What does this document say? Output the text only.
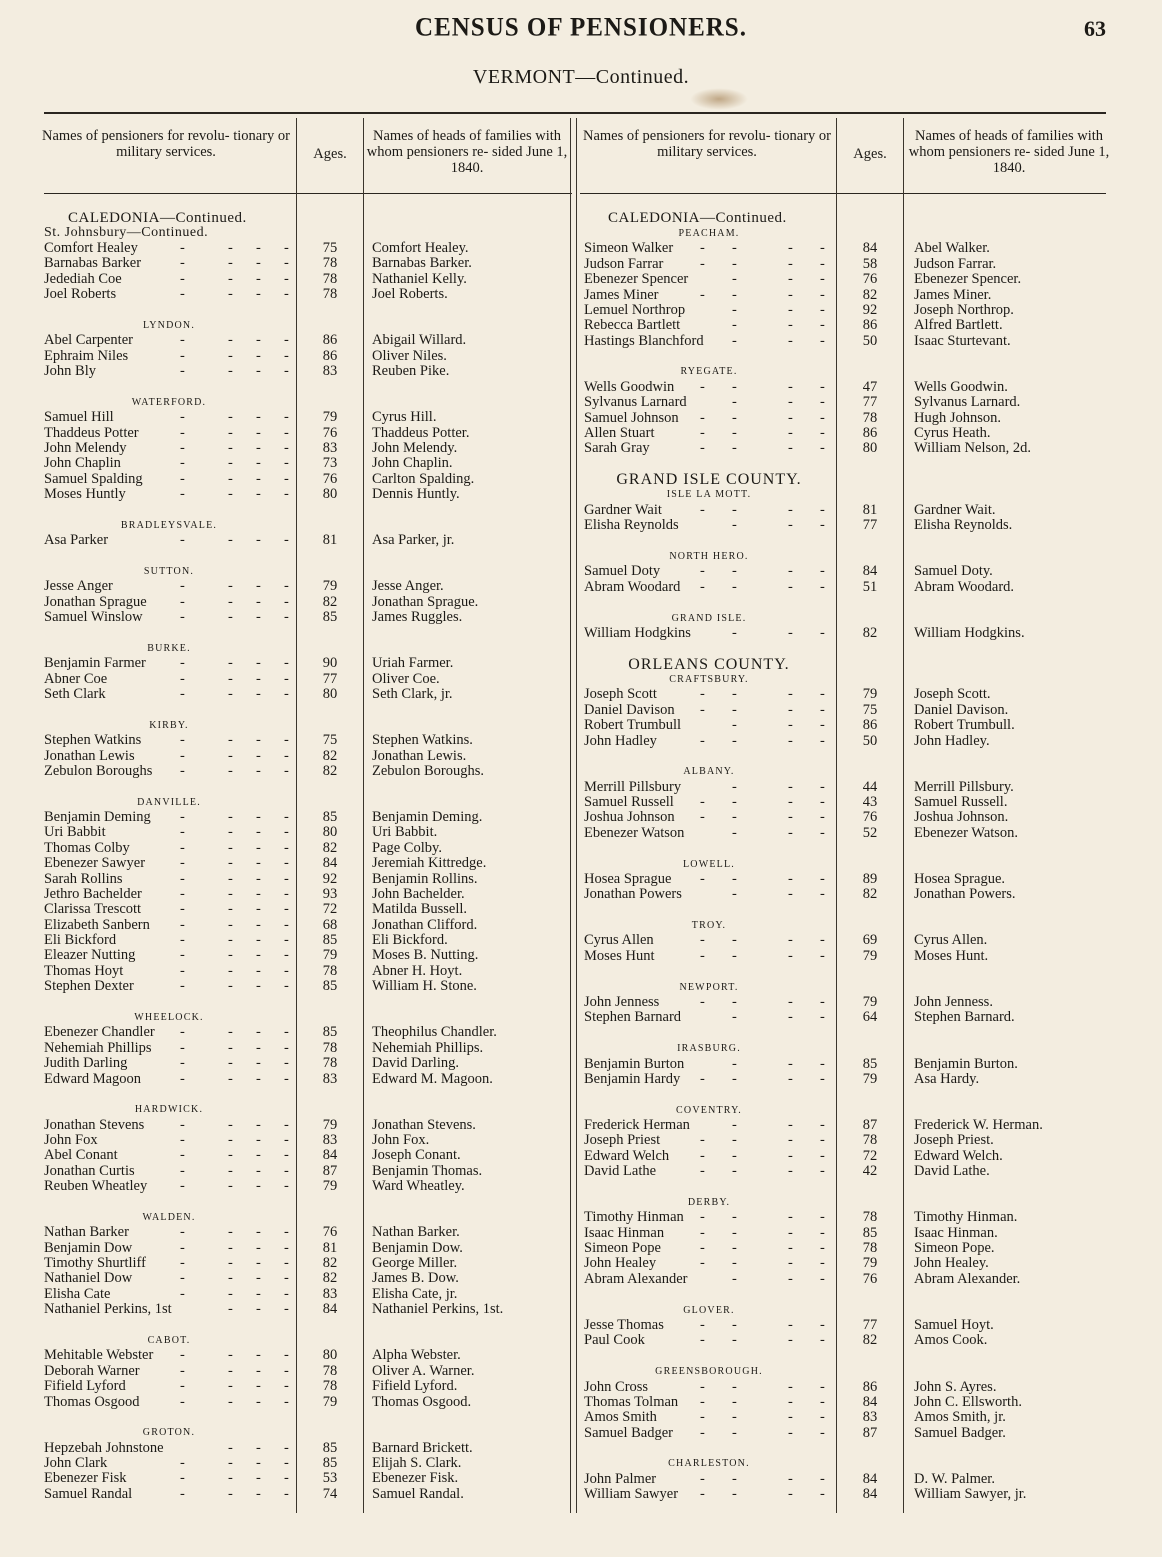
CENSUS OF PENSIONERS.	63
VERMONT—Continued.
Names of pensioners for revolu- tionary or military services.	Ages.
Names of heads of families with whom pensioners re- sided June 1, 1840.
Names of pensioners for revolu- tionary or military services.	Ages.
Names of heads of families with whom pensioners re- sided June 1, 1840.
CALEDONIA—Continued.
St. Johnsbury—Continued.
CALEDONIA—Continued.
Comfort Healey	-	- - -	75	Comfort Healey.
Barnabas Barker	-	- - -	78	Barnabas Barker.
Jedediah Coe	-	- - -	78	Nathaniel Kelly.
Joel Roberts	-	- - -	78	Joel Roberts.
LYNDON.
Abel Carpenter	-	- - -	86	Abigail Willard.
Ephraim Niles	-	- - -	86	Oliver Niles.
John Bly	-	- - -	83	Reuben Pike.
WATERFORD.
Samuel Hill	-	- - -	79	Cyrus Hill.
Thaddeus Potter	-	- - -	76	Thaddeus Potter.
John Melendy	-	- - -	83	John Melendy.
John Chaplin	-	- - -	73	John Chaplin.
Samuel Spalding	-	- - -	76	Carlton Spalding.
Moses Huntly	-	- - -	80	Dennis Huntly.
BRADLEYSVALE.
Asa Parker	-	- - -	81	Asa Parker, jr.
SUTTON.
Jesse Anger	-	- - -	79	Jesse Anger.
Jonathan Sprague -	- - -	82	Jonathan Sprague.
Samuel Winslow	-	- - -	85	James Ruggles.
BURKE.
Benjamin Farmer -	- - -	90	Uriah Farmer.
Abner Coe	-	- - -	77	Oliver Coe.
Seth Clark	-	- - -	80	Seth Clark, jr.
KIRBY.
Stephen Watkins	-	- - -	75	Stephen Watkins.
Jonathan Lewis	-	- - -	82	Jonathan Lewis.
Zebulon Boroughs -	- - -	82	Zebulon Boroughs.
DANVILLE.
Benjamin Deming -	- - -	85	Benjamin Deming.
Uri Babbit	-	- - -	80	Uri Babbit.
Thomas Colby	-	- - -	82	Page Colby.
Ebenezer Sawyer -	- - -	84	Jeremiah Kittredge.
Sarah Rollins	-	- - -	92	Benjamin Rollins.
Jethro Bachelder	-	- - -	93	John Bachelder.
Clarissa Trescott	-	- - -	72	Matilda Bussell.
Elizabeth Sanbern -	- - -	68	Jonathan Clifford.
Eli Bickford	-	- - -	85	Eli Bickford.
Eleazer Nutting	-	- - -	79	Moses B. Nutting.
Thomas Hoyt	-	- - -	78	Abner H. Hoyt.
Stephen Dexter	-	- - -	85	William H. Stone.
WHEELOCK.
Ebenezer Chandler -	- - -	85	Theophilus Chandler.
Nehemiah Phillips -	- - -	78	Nehemiah Phillips.
Judith Darling	-	- - -	78	David Darling.
Edward Magoon	-	- - -	83	Edward M. Magoon.
HARDWICK.
Jonathan Stevens -	- - -	79	Jonathan Stevens.
John Fox	-	- - -	83	John Fox.
Abel Conant	-	- - -	84	Joseph Conant.
Jonathan Curtis	-	- - -	87	Benjamin Thomas.
Reuben Wheatley -	- - -	79	Ward Wheatley.
WALDEN.
Nathan Barker	-	- - -	76	Nathan Barker.
Benjamin Dow	-	- - -	81	Benjamin Dow.
Timothy Shurtliff -	- - -	82	George Miller.
Nathaniel Dow	-	- - -	82	James B. Dow.
Elisha Cate	-	- - -	83	Elisha Cate, jr.
Nathaniel Perkins, 1st	- - -	84	Nathaniel Perkins, 1st.
CABOT.
Mehitable Webster -	- - -	80	Alpha Webster.
Deborah Warner	-	- - -	78	Oliver A. Warner.
Fifield Lyford	-	- - -	78	Fifield Lyford.
Thomas Osgood	-	- - -	79	Thomas Osgood.
GROTON.
Hepzebah Johnstone	- - -	85	Barnard Brickett.
John Clark	-	- - -	85	Elijah S. Clark.
Ebenezer Fisk	-	- - -	53	Ebenezer Fisk.
Samuel Randal	-	- - -	74	Samuel Randal.
PEACHAM.
Simeon Walker - -	- -	84	Abel Walker.
Judson Farrar	- -	- -	58	Judson Farrar.
Ebenezer Spencer	-	- -	76	Ebenezer Spencer.
James Miner	- -	- -	82	James Miner.
Lemuel Northrop	-	- -	92	Joseph Northrop.
Rebecca Bartlett	-	- -	86	Alfred Bartlett.
Hastings Blanchford -	- -	50	Isaac Sturtevant.
RYEGATE.
Wells Goodwin - -	- -	47	Wells Goodwin.
Sylvanus Larnard	-	- -	77	Sylvanus Larnard.
Samuel Johnson - -	- -	78	Hugh Johnson.
Allen Stuart	- -	- -	86	Cyrus Heath.
Sarah Gray	- -	- -	80	William Nelson, 2d.
GRAND ISLE COUNTY.
ISLE LA MOTT.
Gardner Wait	- -	- -	81	Gardner Wait.
Elisha Reynolds	-	- -	77	Elisha Reynolds.
NORTH HERO.
Samuel Doty	- -	- -	84	Samuel Doty.
Abram Woodard - -	- -	51	Abram Woodard.
GRAND ISLE.
William Hodgkins	-	- -	82	William Hodgkins.
ORLEANS COUNTY.
CRAFTSBURY.
Joseph Scott	- -	- -	79	Joseph Scott.
Daniel Davison - -	- -	75	Daniel Davison.
Robert Trumbull	-	- -	86	Robert Trumbull.
John Hadley	- -	- -	50	John Hadley.
ALBANY.
Merrill Pillsbury	-	- -	44	Merrill Pillsbury.
Samuel Russell - -	- -	43	Samuel Russell.
Joshua Johnson - -	- -	76	Joshua Johnson.
Ebenezer Watson	-	- -	52	Ebenezer Watson.
LOWELL.
Hosea Sprague - -	- -	89	Hosea Sprague.
Jonathan Powers	-	- -	82	Jonathan Powers.
TROY.
Cyrus Allen	- -	- -	69	Cyrus Allen.
Moses Hunt	- -	- -	79	Moses Hunt.
NEWPORT.
John Jenness	- -	- -	79	John Jenness.
Stephen Barnard	-	- -	64	Stephen Barnard.
IRASBURG.
Benjamin Burton	-	- -	85	Benjamin Burton.
Benjamin Hardy - -	- -	79	Asa Hardy.
COVENTRY.
Frederick Herman	-	- -	87	Frederick W. Herman.
Joseph Priest	- -	- -	78	Joseph Priest.
Edward Welch - -	- -	72	Edward Welch.
David Lathe	- -	- -	42	David Lathe.
DERBY.
Timothy Hinman - -	- -	78	Timothy Hinman.
Isaac Hinman - -	- -	85	Isaac Hinman.
Simeon Pope	- -	- -	78	Simeon Pope.
John Healey	- -	- -	79	John Healey.
Abram Alexander	-	- -	76	Abram Alexander.
GLOVER.
Jesse Thomas - -	- -	77	Samuel Hoyt.
Paul Cook	- -	- -	82	Amos Cook.
GREENSBOROUGH.
John Cross	- -	- -	86	John S. Ayres.
Thomas Tolman - -	- -	84	John C. Ellsworth.
Amos Smith	- -	- -	83	Amos Smith, jr.
Samuel Badger - -	- -	87	Samuel Badger.
CHARLESTON.
John Palmer	- -	- -	84	D. W. Palmer.
William Sawyer - -	- -	84	William Sawyer, jr.
